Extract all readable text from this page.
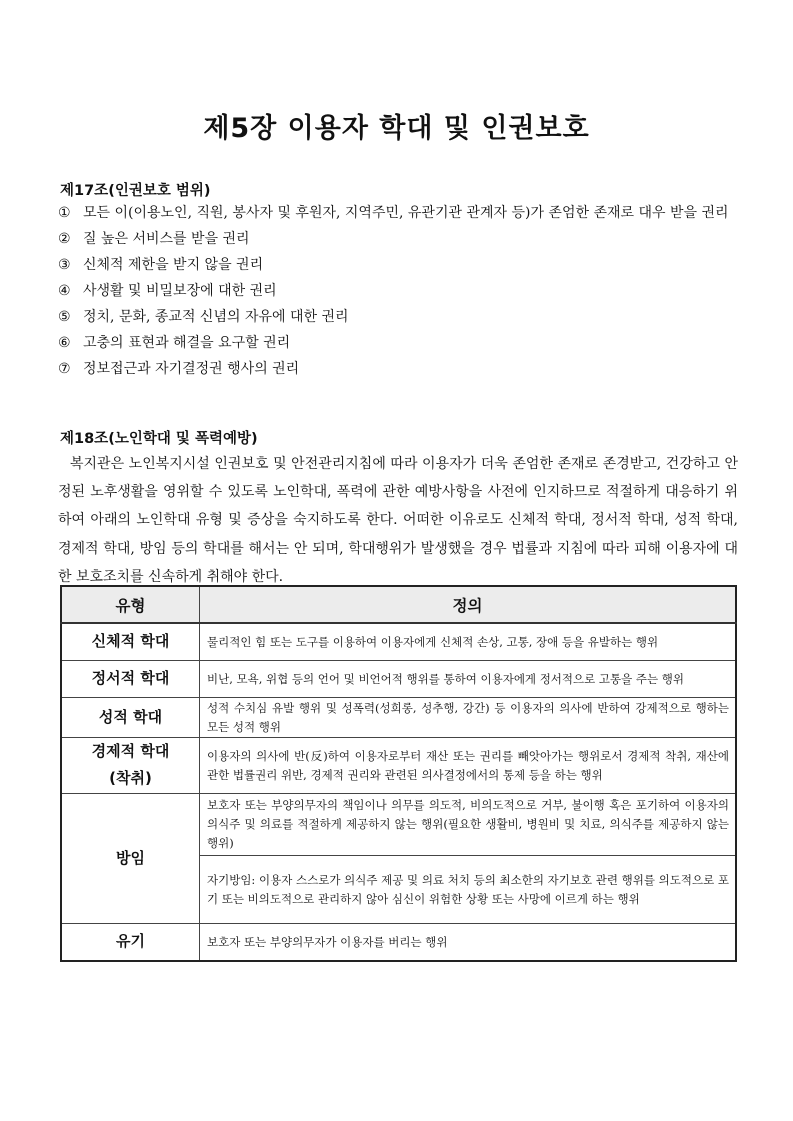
제5장 이용자 학대 및 인권보호
제17조(인권보호 범위)
① 모든 이(이용노인, 직원, 봉사자 및 후원자, 지역주민, 유관기관 관계자 등)가 존엄한 존재로 대우 받을 권리
② 질 높은 서비스를 받을 권리
③ 신체적 제한을 받지 않을 권리
④ 사생활 및 비밀보장에 대한 권리
⑤ 정치, 문화, 종교적 신념의 자유에 대한 권리
⑥ 고충의 표현과 해결을 요구할 권리
⑦ 정보접근과 자기결정권 행사의 권리
제18조(노인학대 및 폭력예방)
복지관은 노인복지시설 인권보호 및 안전관리지침에 따라 이용자가 더욱 존엄한 존재로 존경받고, 건강하고 안정된 노후생활을 영위할 수 있도록 노인학대, 폭력에 관한 예방사항을 사전에 인지하므로 적절하게 대응하기 위하여 아래의 노인학대 유형 및 증상을 숙지하도록 한다. 어떠한 이유로도 신체적 학대, 정서적 학대, 성적 학대, 경제적 학대, 방임 등의 학대를 해서는 안 되며, 학대행위가 발생했을 경우 법률과 지침에 따라 피해 이용자에 대한 보호조치를 신속하게 취해야 한다.
유형	정의
신체적 학대	물리적인 힘 또는 도구를 이용하여 이용자에게 신체적 손상, 고통, 장애 등을 유발하는 행위
정서적 학대	비난, 모욕, 위협 등의 언어 및 비언어적 행위를 통하여 이용자에게 정서적으로 고통을 주는 행위
성적 학대	성적 수치심 유발 행위 및 성폭력(성희롱, 성추행, 강간) 등 이용자의 의사에 반하여 강제적으로 행하는 모든 성적 행위

경제적 학대
(착취)	이용자의 의사에 반(反)하여 이용자로부터 재산 또는 권리를 빼앗아가는 행위로서 경제적 착취, 재산에 관한 법률권리 위반, 경제적 권리와 관련된 의사결정에서의 통제 등을 하는 행위
방임	보호자 또는 부양의무자의 책임이나 의무를 의도적, 비의도적으로 거부, 불이행 혹은 포기하여 이용자의 의식주 및 의료를 적절하게 제공하지 않는 행위(필요한 생활비, 병원비 및 치료, 의식주를 제공하지 않는 행위)
	자기방임: 이용자 스스로가 의식주 제공 및 의료 처치 등의 최소한의 자기보호 관련 행위를 의도적으로 포기 또는 비의도적으로 관리하지 않아 심신이 위험한 상황 또는 사망에 이르게 하는 행위
유기	보호자 또는 부양의무자가 이용자를 버리는 행위
